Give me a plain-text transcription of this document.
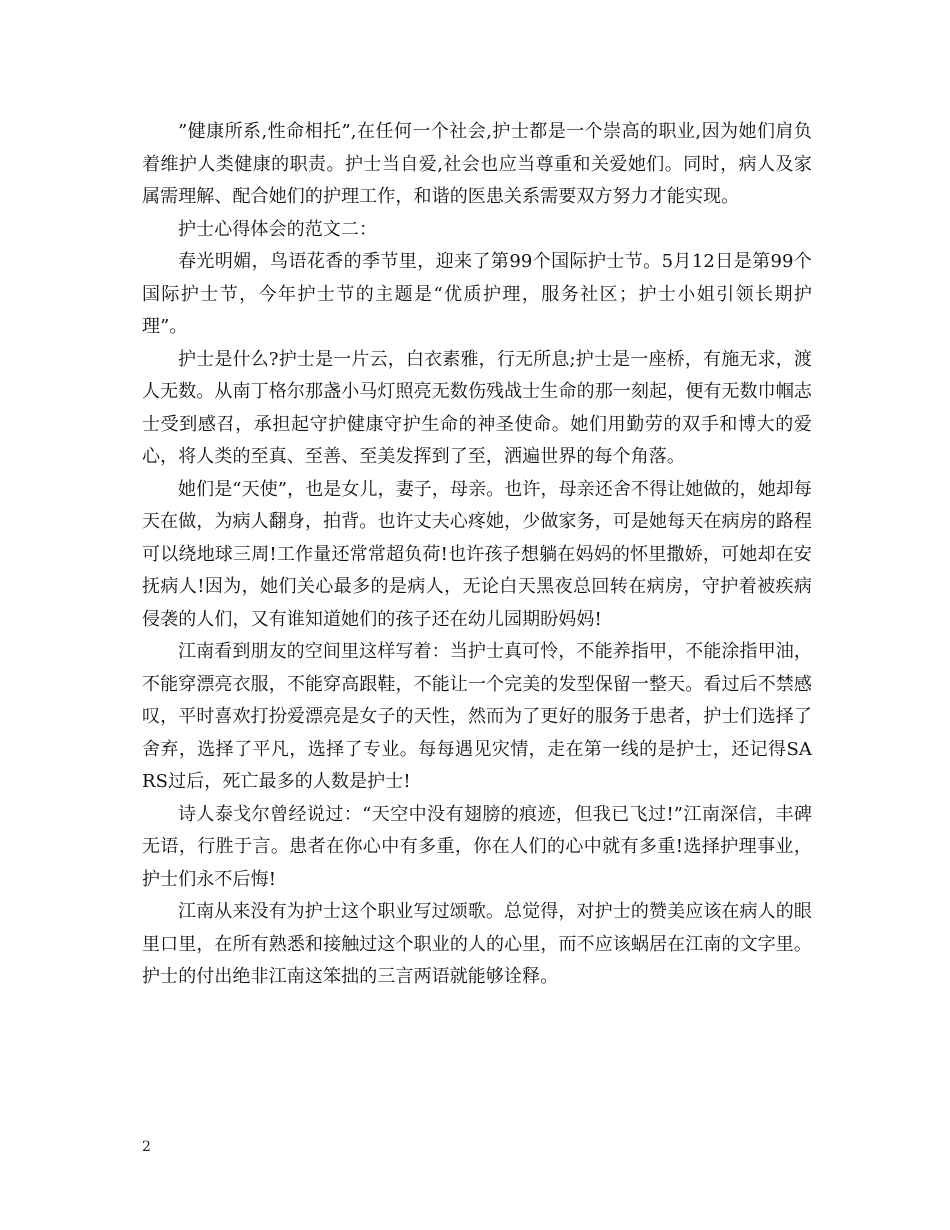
”健康所系,性命相托”,在任何一个社会,护士都是一个崇高的职业,因为她们肩负着维护人类健康的职责。护士当自爱,社会也应当尊重和关爱她们。同时，病人及家属需理解、配合她们的护理工作，和谐的医患关系需要双方努力才能实现。

护士心得体会的范文二：

春光明媚，鸟语花香的季节里，迎来了第99个国际护士节。5月12日是第99个国际护士节，今年护士节的主题是“优质护理，服务社区；护士小姐引领长期护理”。

护士是什么?护士是一片云，白衣素雅，行无所息;护士是一座桥，有施无求，渡人无数。从南丁格尔那盏小马灯照亮无数伤残战士生命的那一刻起，便有无数巾帼志士受到感召，承担起守护健康守护生命的神圣使命。她们用勤劳的双手和博大的爱心，将人类的至真、至善、至美发挥到了至，洒遍世界的每个角落。

她们是“天使”，也是女儿，妻子，母亲。也许，母亲还舍不得让她做的，她却每天在做，为病人翻身，拍背。也许丈夫心疼她，少做家务，可是她每天在病房的路程可以绕地球三周!工作量还常常超负荷!也许孩子想躺在妈妈的怀里撒娇，可她却在安抚病人!因为，她们关心最多的是病人，无论白天黑夜总回转在病房，守护着被疾病侵袭的人们，又有谁知道她们的孩子还在幼儿园期盼妈妈!

江南看到朋友的空间里这样写着：当护士真可怜，不能养指甲，不能涂指甲油，不能穿漂亮衣服，不能穿高跟鞋，不能让一个完美的发型保留一整天。看过后不禁感叹，平时喜欢打扮爱漂亮是女子的天性，然而为了更好的服务于患者，护士们选择了舍弃，选择了平凡，选择了专业。每每遇见灾情，走在第一线的是护士，还记得SARS过后，死亡最多的人数是护士!

诗人泰戈尔曾经说过：“天空中没有翅膀的痕迹，但我已飞过!”江南深信，丰碑无语，行胜于言。患者在你心中有多重，你在人们的心中就有多重!选择护理事业，护士们永不后悔!

江南从来没有为护士这个职业写过颂歌。总觉得，对护士的赞美应该在病人的眼里口里，在所有熟悉和接触过这个职业的人的心里，而不应该蜗居在江南的文字里。护士的付出绝非江南这笨拙的三言两语就能够诠释。

2
